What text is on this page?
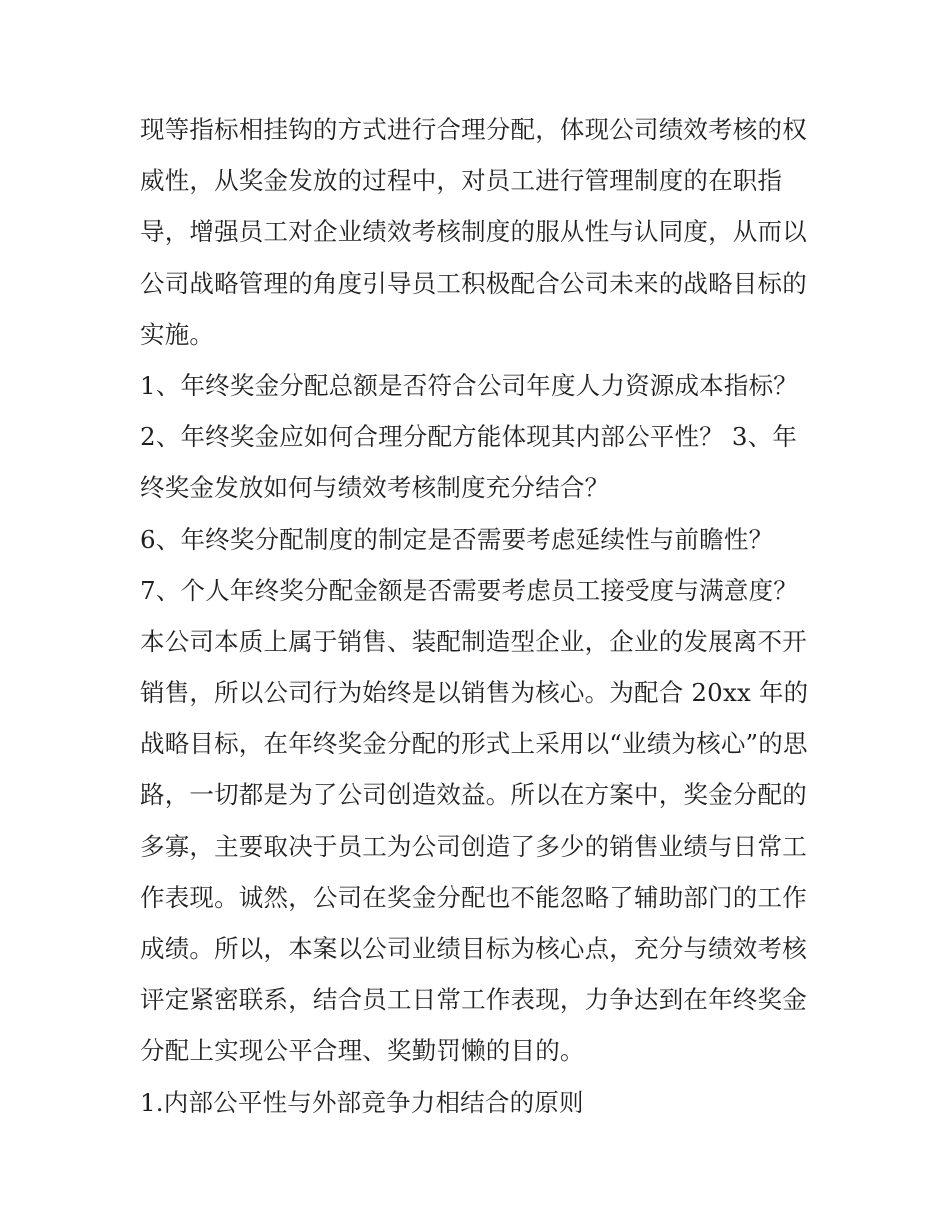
现等指标相挂钩的方式进行合理分配，体现公司绩效考核的权
威性，从奖金发放的过程中，对员工进行管理制度的在职指
导，增强员工对企业绩效考核制度的服从性与认同度，从而以
公司战略管理的角度引导员工积极配合公司未来的战略目标的
实施。
1、年终奖金分配总额是否符合公司年度人力资源成本指标？
2、年终奖金应如何合理分配方能体现其内部公平性？ 3、年
终奖金发放如何与绩效考核制度充分结合？
6、年终奖分配制度的制定是否需要考虑延续性与前瞻性？
7、个人年终奖分配金额是否需要考虑员工接受度与满意度？
本公司本质上属于销售、装配制造型企业，企业的发展离不开
销售，所以公司行为始终是以销售为核心。为配合 20xx 年的
战略目标，在年终奖金分配的形式上采用以“业绩为核心”的思
路，一切都是为了公司创造效益。所以在方案中，奖金分配的
多寡，主要取决于员工为公司创造了多少的销售业绩与日常工
作表现。诚然，公司在奖金分配也不能忽略了辅助部门的工作
成绩。所以，本案以公司业绩目标为核心点，充分与绩效考核
评定紧密联系，结合员工日常工作表现，力争达到在年终奖金
分配上实现公平合理、奖勤罚懒的目的。
1.内部公平性与外部竞争力相结合的原则
